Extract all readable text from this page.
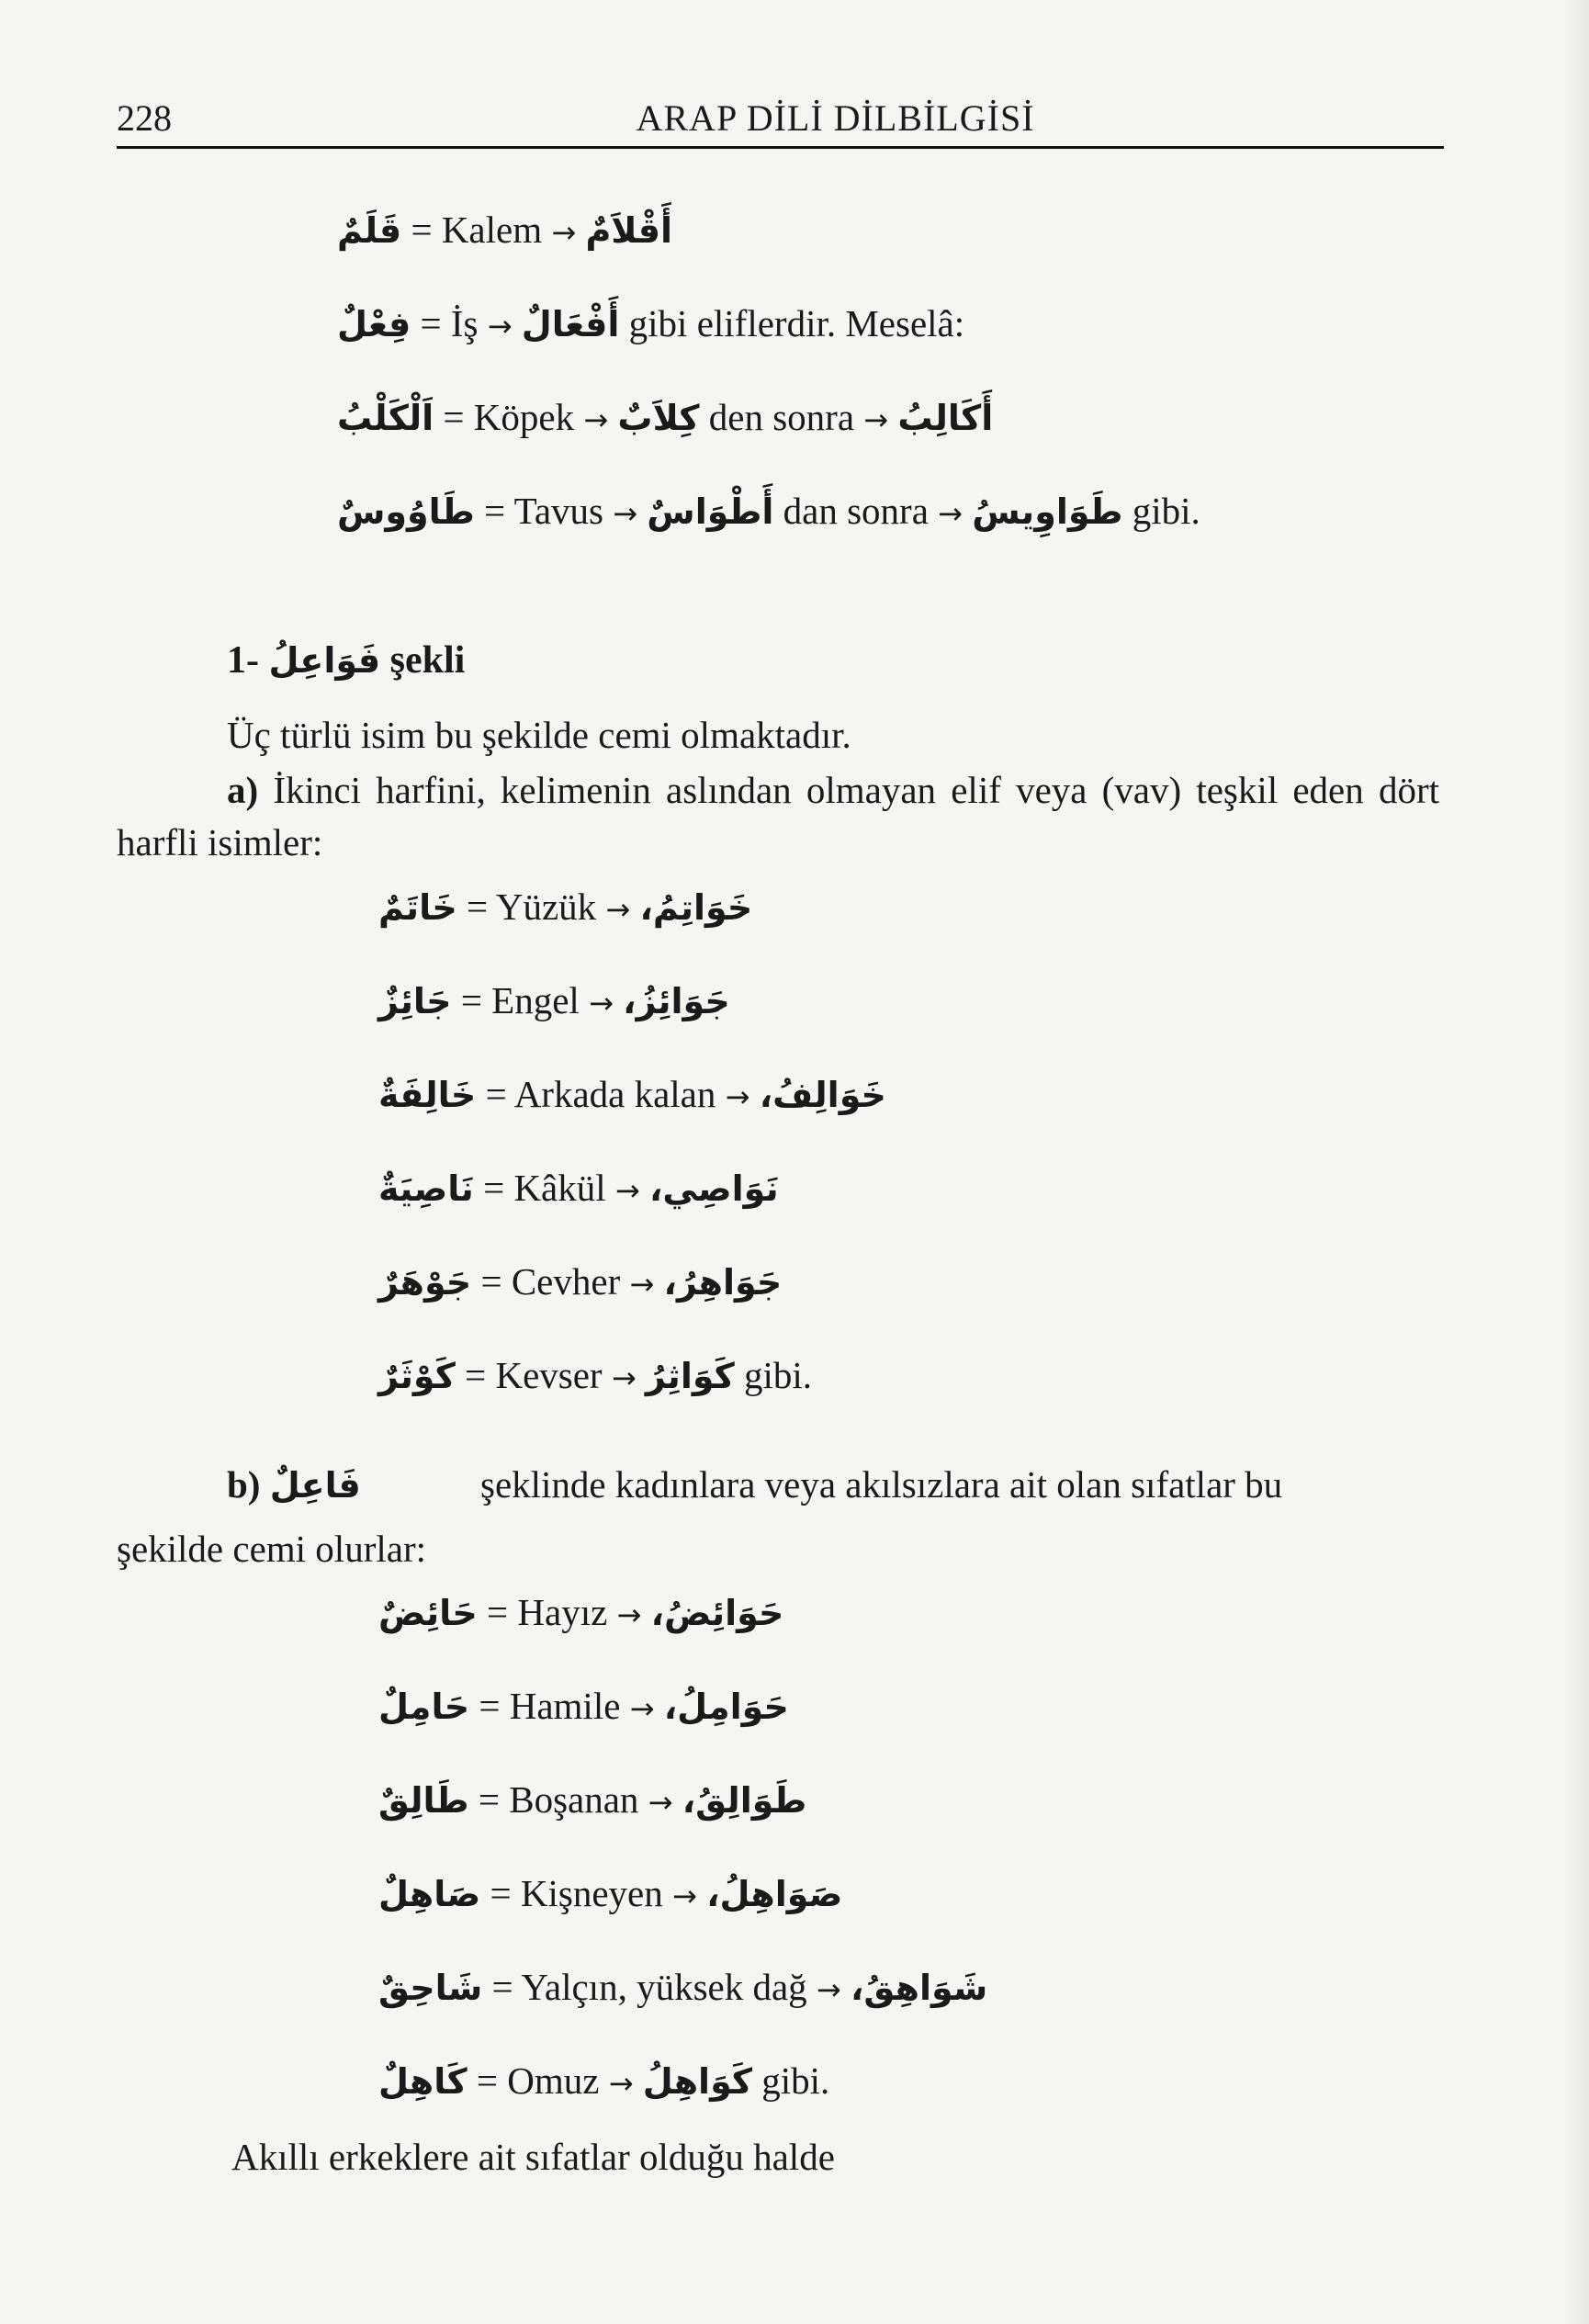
228	ARAP DİLİ DİLBİLGİSİ
قَلَمٌ = Kalem → أَقْلاَمٌ
فِعْلٌ = İş → أَفْعَالٌ gibi eliflerdir. Meselâ:
اَلْكَلْبُ = Köpek → كِلاَبٌ den sonra → أَكَالِبُ
طَاوُوسٌ = Tavus → أَطْوَاسٌ dan sonra → طَوَاوِيسُ gibi.
1- فَوَاعِلُ şekli
Üç türlü isim bu şekilde cemi olmaktadır.
a) İkinci harfini, kelimenin aslından olmayan elif veya (vav) teşkil eden dört harfli isimler:
خَاتَمٌ = Yüzük → خَوَاتِمُ،
جَائِزٌ = Engel → جَوَائِزُ،
خَالِفَةٌ = Arkada kalan → خَوَالِفُ،
نَاصِيَةٌ = Kâkül → نَوَاصِي،
جَوْهَرٌ = Cevher → جَوَاهِرُ،
كَوْثَرٌ = Kevser → كَوَاثِرُ gibi.
b) فَاعِلٌ	şeklinde kadınlara veya akılsızlara ait olan sıfatlar bu
şekilde cemi olurlar:
حَائِضٌ = Hayız → حَوَائِضُ،
حَامِلٌ = Hamile → حَوَامِلُ،
طَالِقٌ = Boşanan → طَوَالِقُ،
صَاهِلٌ = Kişneyen → صَوَاهِلُ،
شَاحِقٌ = Yalçın, yüksek dağ → شَوَاهِقُ،
كَاهِلٌ = Omuz → كَوَاهِلُ gibi.
Akıllı erkeklere ait sıfatlar olduğu halde
